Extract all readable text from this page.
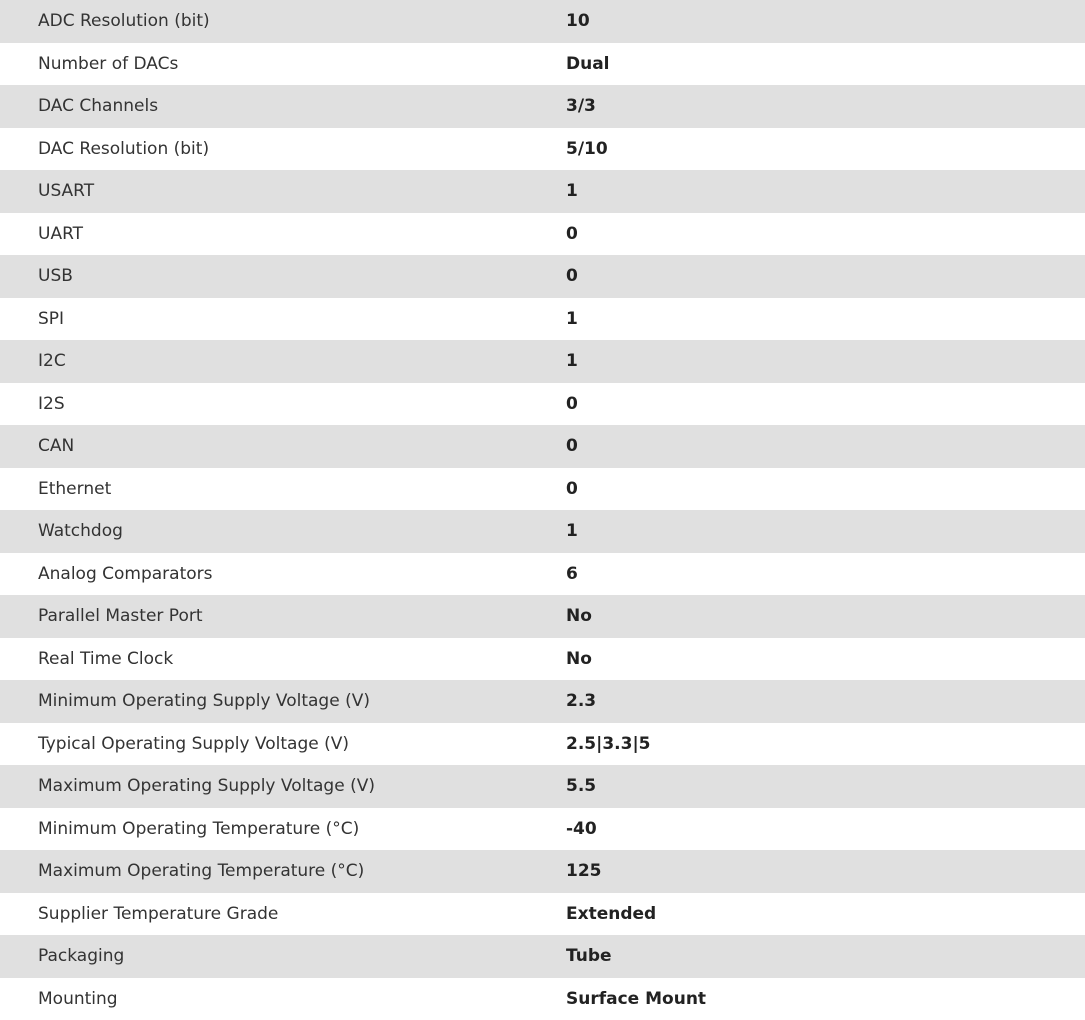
ADC Resolution (bit)	10
Number of DACs	Dual
DAC Channels	3/3
DAC Resolution (bit)	5/10
USART	1
UART	0
USB	0
SPI	1
I2C	1
I2S	0
CAN	0
Ethernet	0
Watchdog	1
Analog Comparators	6
Parallel Master Port	No
Real Time Clock	No
Minimum Operating Supply Voltage (V)	2.3
Typical Operating Supply Voltage (V)	2.5|3.3|5
Maximum Operating Supply Voltage (V)	5.5
Minimum Operating Temperature (°C)	-40
Maximum Operating Temperature (°C)	125
Supplier Temperature Grade	Extended
Packaging	Tube
Mounting	Surface Mount
